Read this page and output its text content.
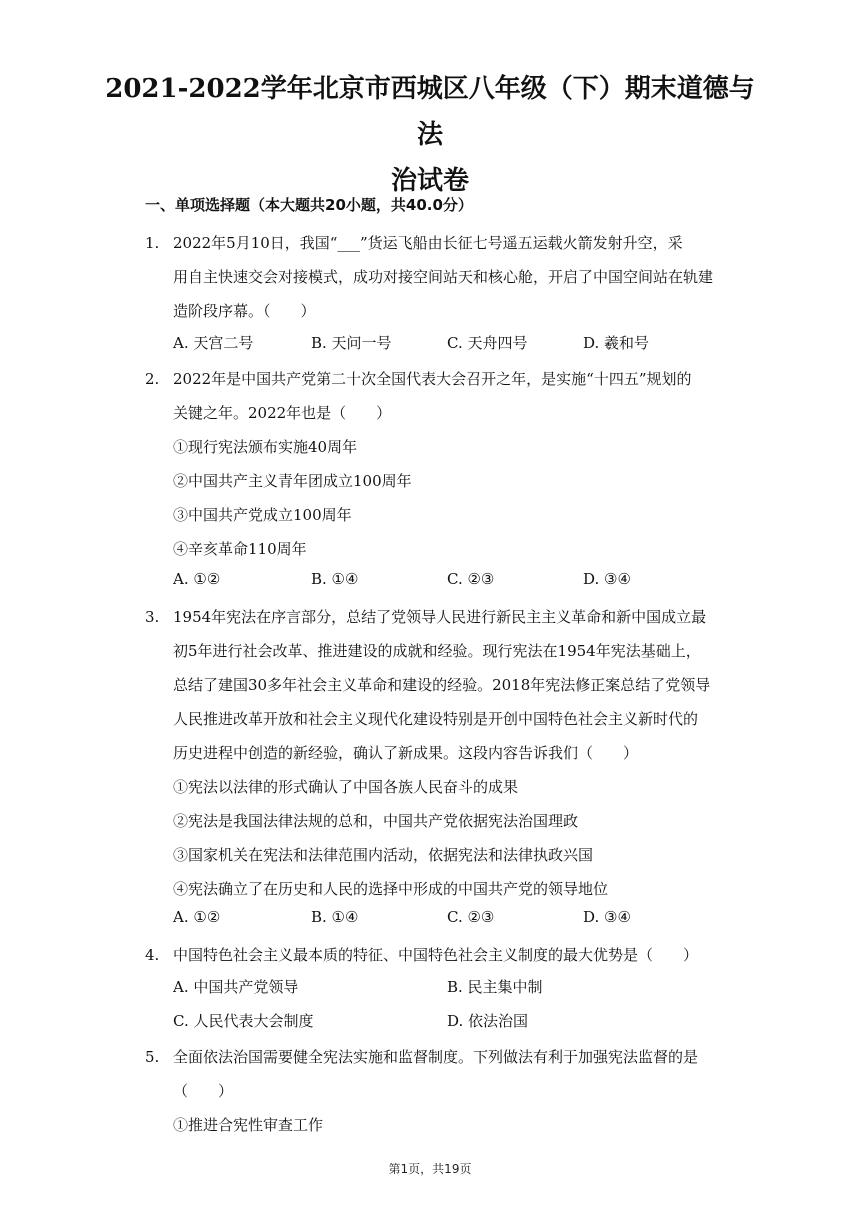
2021-2022学年北京市西城区八年级（下）期末道德与法
治试卷
一、单项选择题（本大题共20小题，共40.0分）
1. 2022年5月10日，我国“___”货运飞船由长征七号遥五运载火箭发射升空，采
用自主快速交会对接模式，成功对接空间站天和核心舱，开启了中国空间站在轨建
造阶段序幕。（　　）
A. 天宫二号	B. 天问一号	C. 天舟四号	D. 羲和号
2. 2022年是中国共产党第二十次全国代表大会召开之年，是实施“十四五”规划的
关键之年。2022年也是（　　）
①现行宪法颁布实施40周年
②中国共产主义青年团成立100周年
③中国共产党成立100周年
④辛亥革命110周年
A. ①②	B. ①④	C. ②③	D. ③④
3. 1954年宪法在序言部分，总结了党领导人民进行新民主主义革命和新中国成立最
初5年进行社会改革、推进建设的成就和经验。现行宪法在1954年宪法基础上，
总结了建国30多年社会主义革命和建设的经验。2018年宪法修正案总结了党领导
人民推进改革开放和社会主义现代化建设特别是开创中国特色社会主义新时代的
历史进程中创造的新经验，确认了新成果。这段内容告诉我们（　　）
①宪法以法律的形式确认了中国各族人民奋斗的成果
②宪法是我国法律法规的总和，中国共产党依据宪法治国理政
③国家机关在宪法和法律范围内活动，依据宪法和法律执政兴国
④宪法确立了在历史和人民的选择中形成的中国共产党的领导地位
A. ①②	B. ①④	C. ②③	D. ③④
4. 中国特色社会主义最本质的特征、中国特色社会主义制度的最大优势是（　　）
A. 中国共产党领导	B. 民主集中制
C. 人民代表大会制度	D. 依法治国
5. 全面依法治国需要健全宪法实施和监督制度。下列做法有利于加强宪法监督的是
（　　）
①推进合宪性审查工作
第1页，共19页
